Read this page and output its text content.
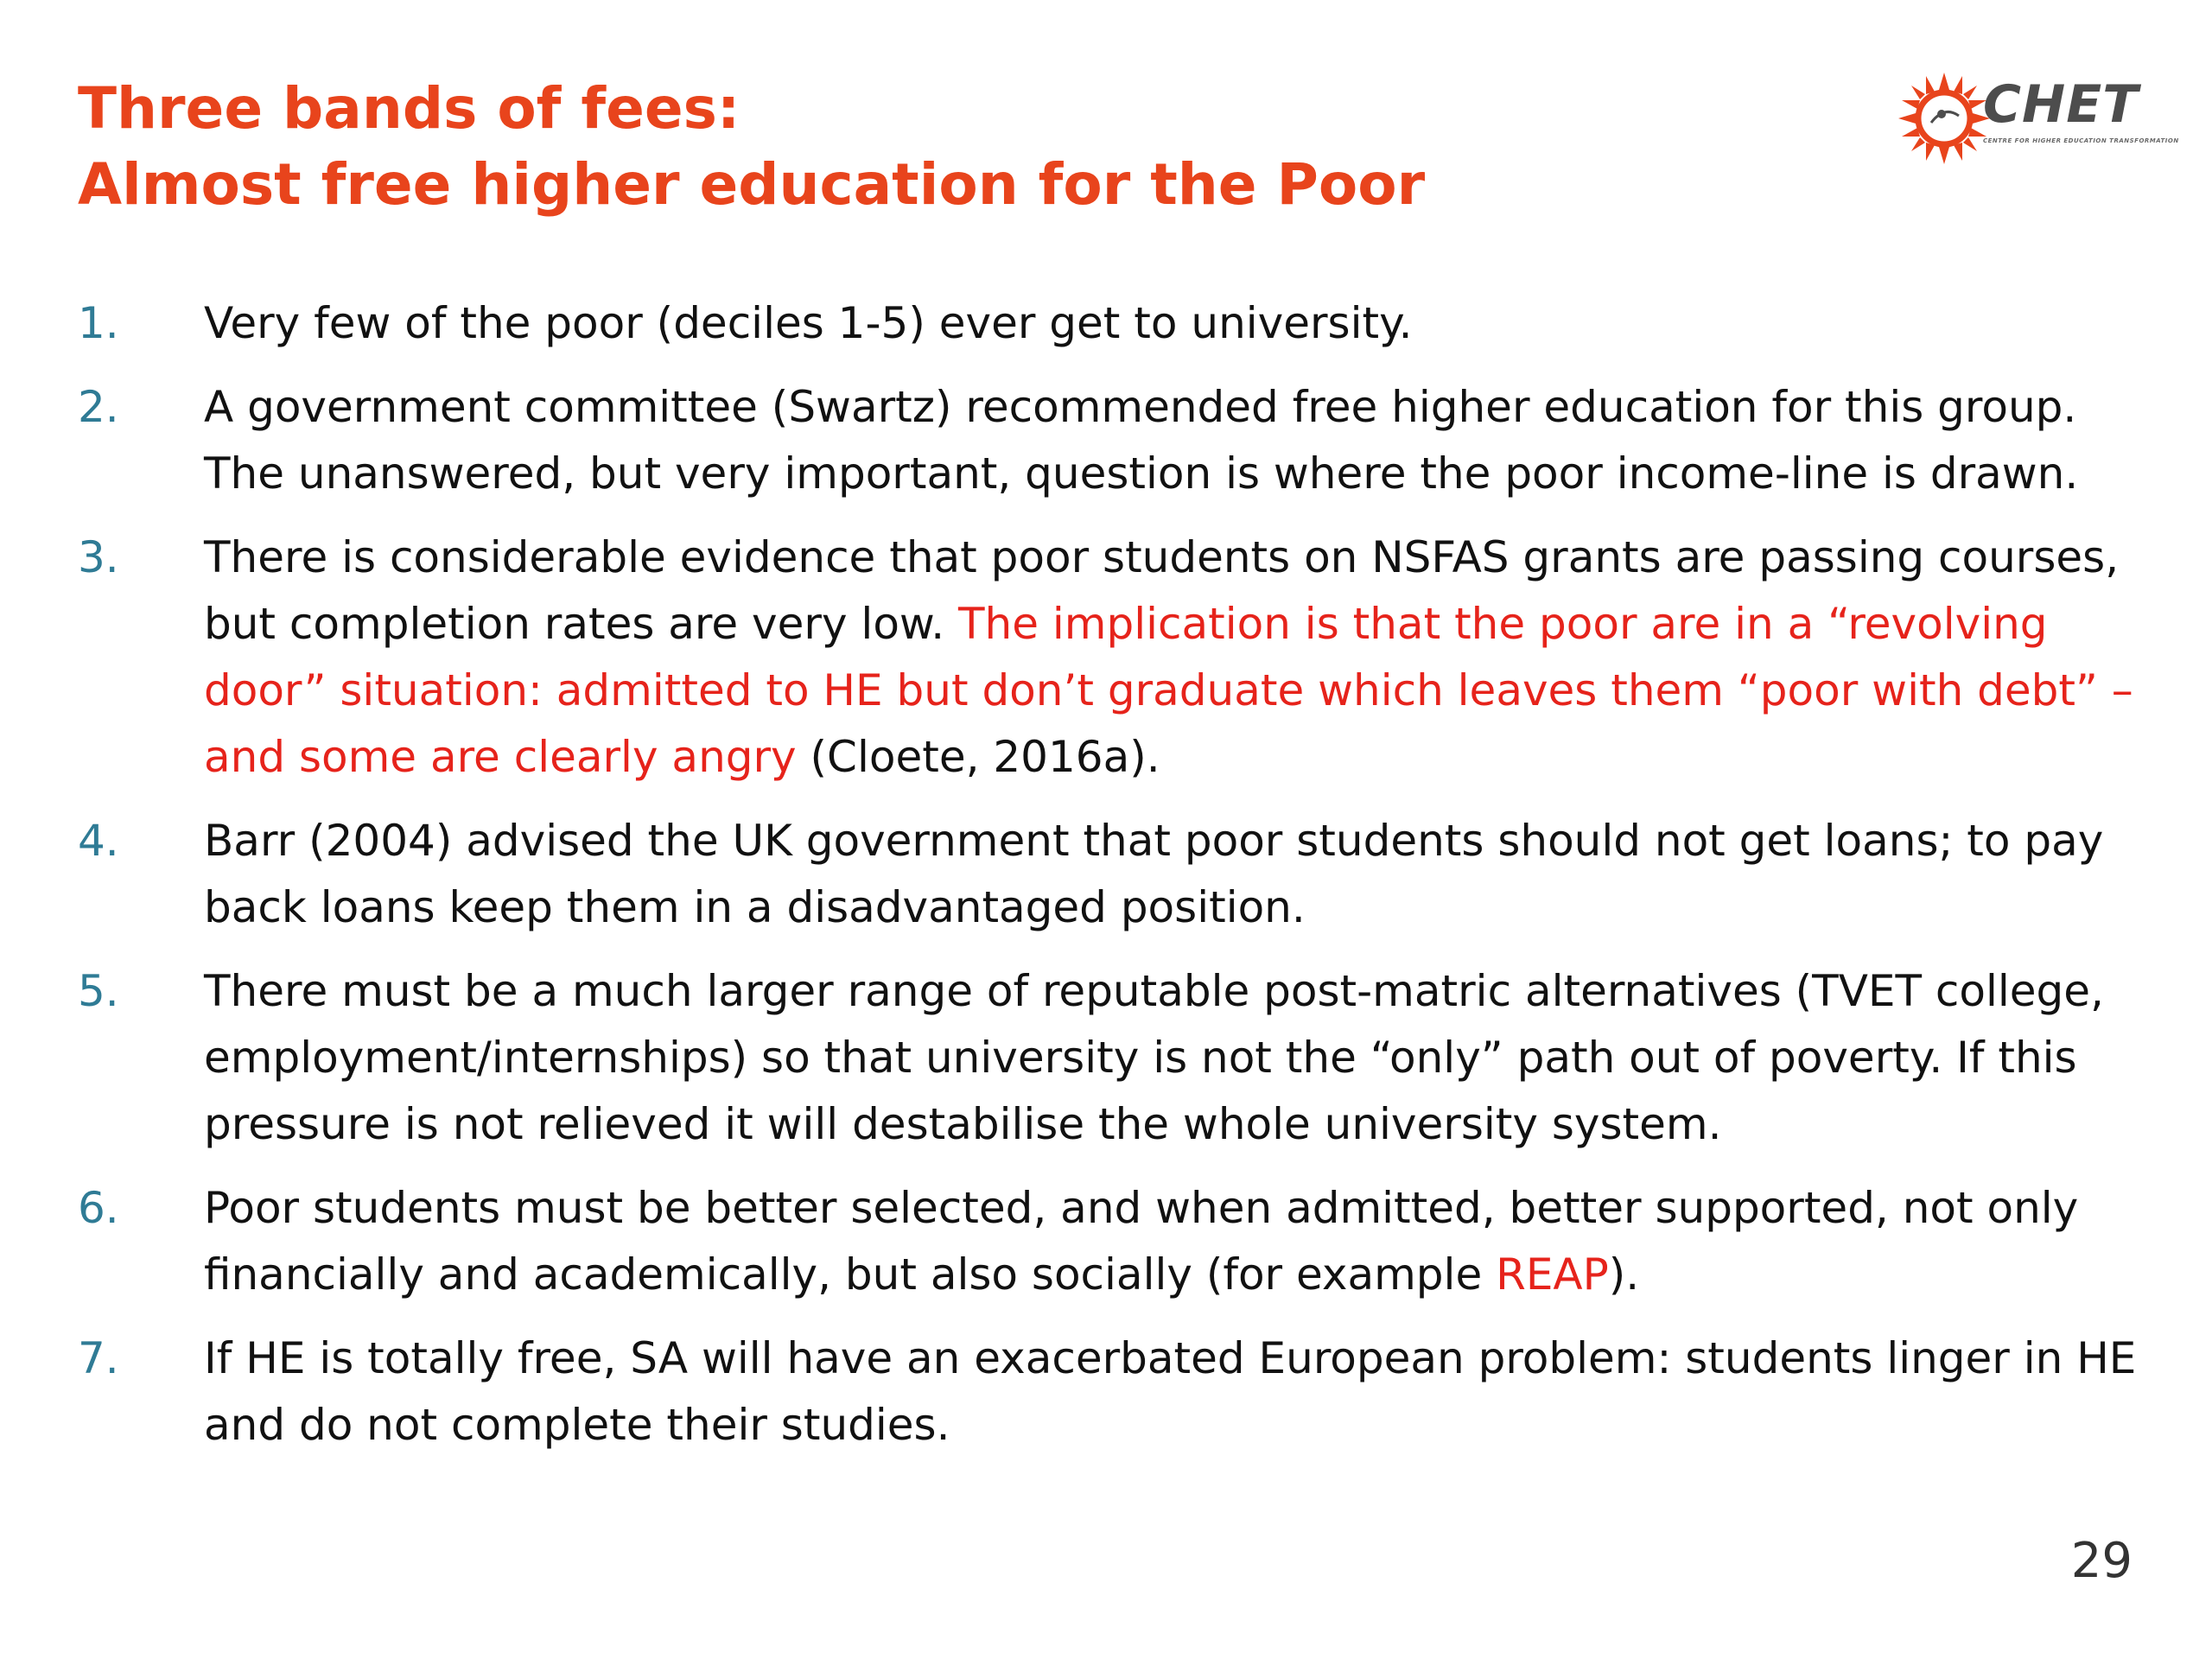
Three bands of fees:
Almost free higher education for the Poor
CHET
CENTRE FOR HIGHER EDUCATION TRANSFORMATION
1. Very few of the poor (deciles 1-5) ever get to university.
2. A government committee (Swartz) recommended free higher education for this group. The unanswered, but very important, question is where the poor income-line is drawn.
3. There is considerable evidence that poor students on NSFAS grants are passing courses, but completion rates are very low. The implication is that the poor are in a “revolving door” situation: admitted to HE but don’t graduate which leaves them “poor with debt” – and some are clearly angry (Cloete, 2016a).
4. Barr (2004) advised the UK government that poor students should not get loans; to pay back loans keep them in a disadvantaged position.
5. There must be a much larger range of reputable post-matric alternatives (TVET college, employment/internships) so that university is not the “only” path out of poverty. If this pressure is not relieved it will destabilise the whole university system.
6. Poor students must be better selected, and when admitted, better supported, not only financially and academically, but also socially (for example REAP).
7. If HE is totally free, SA will have an exacerbated European problem: students linger in HE and do not complete their studies.
29
